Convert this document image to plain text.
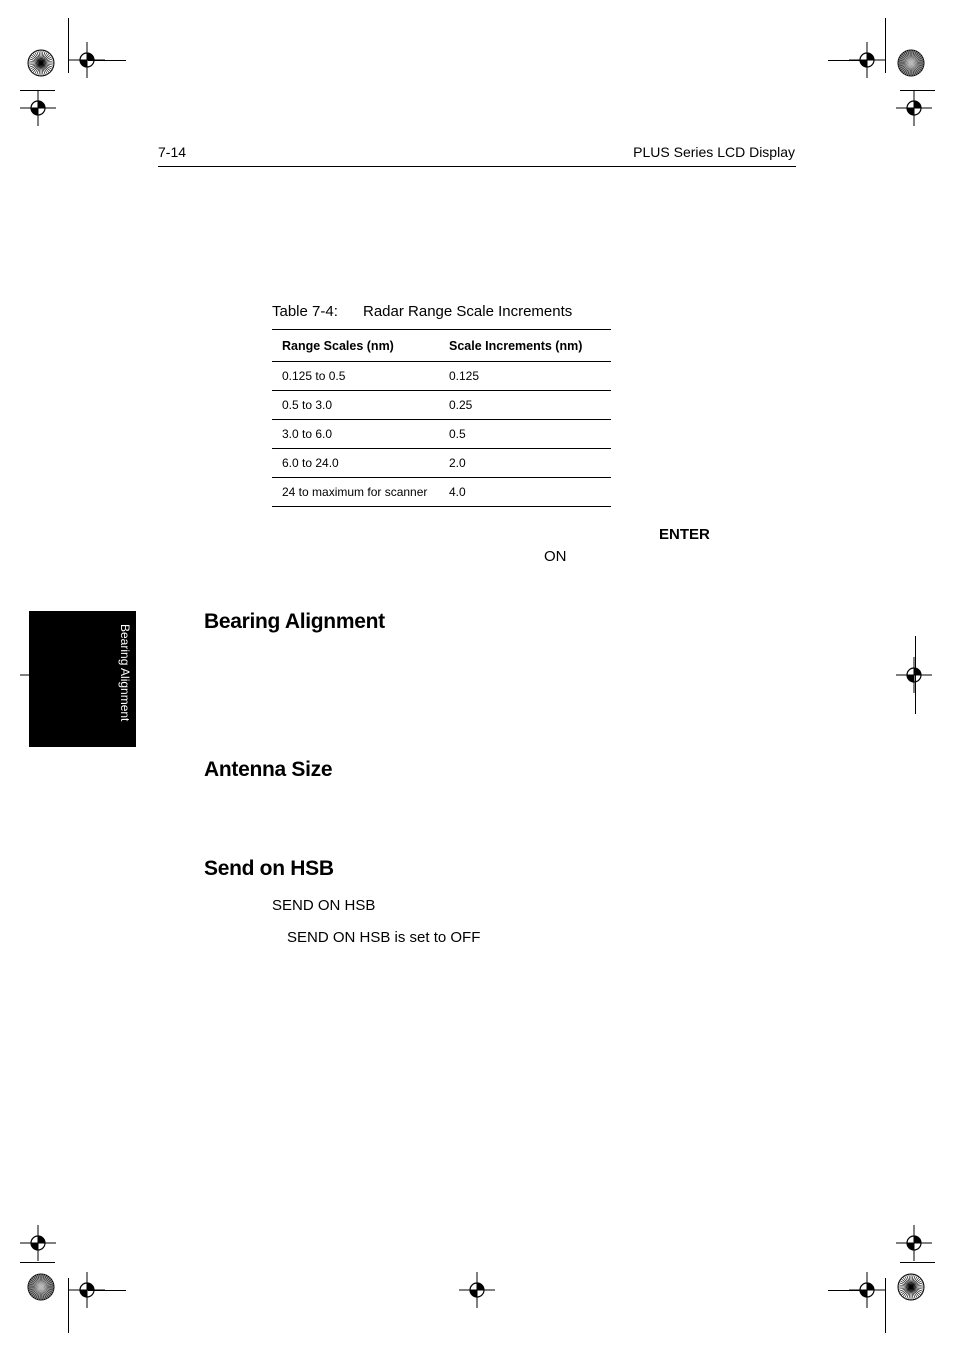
7-14	PLUS Series LCD Display
Table 7-4: Radar Range Scale Increments
Range Scales (nm)	Scale Increments (nm)
0.125 to 0.5	0.125
0.5 to 3.0	0.25
3.0 to 6.0	0.5
6.0 to 24.0	2.0
24 to maximum for scanner	4.0
ENTER
ON
Bearing Alignment
Bearing Alignment
Antenna Size
Send on HSB
SEND ON HSB
SEND ON HSB is set to OFF
